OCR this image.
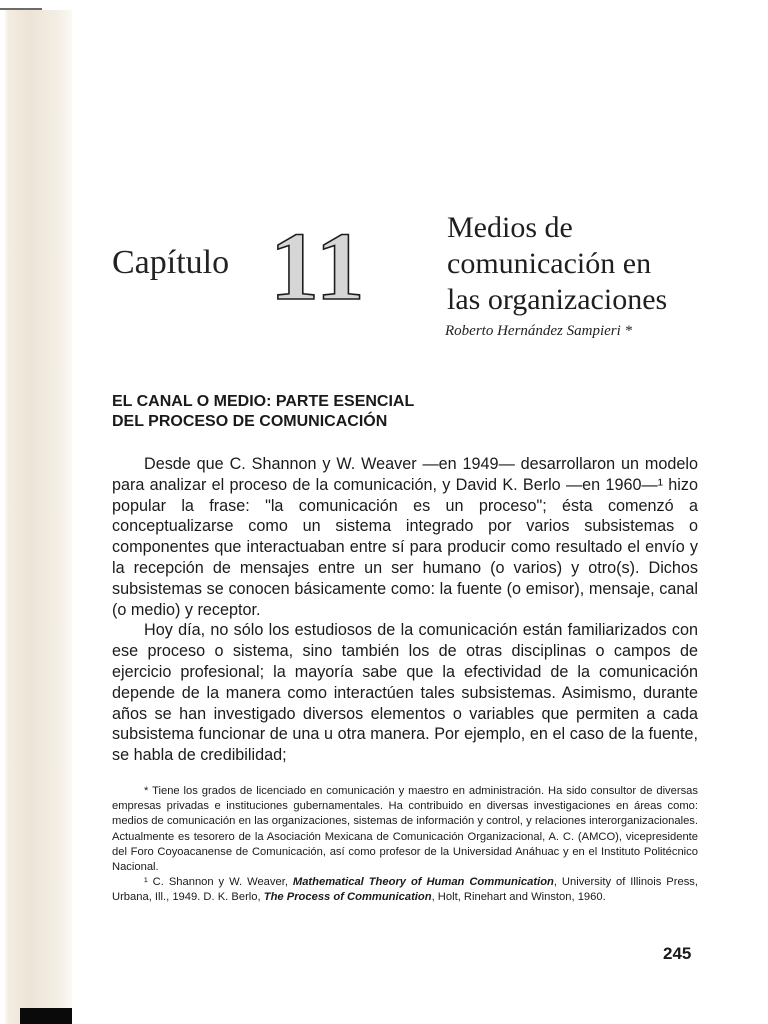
Capítulo 11	Medios de
comunicación en
las organizaciones
Roberto Hernández Sampieri *
EL CANAL O MEDIO: PARTE ESENCIAL
DEL PROCESO DE COMUNICACIÓN

Desde que C. Shannon y W. Weaver —en 1949— desarrollaron un modelo para analizar el proceso de la comunicación, y David K. Berlo —en 1960—¹ hizo popular la frase: "la comunicación es un proceso"; ésta comenzó a conceptualizarse como un sistema integrado por varios subsistemas o componentes que interactuaban entre sí para producir como resultado el envío y la recepción de mensajes entre un ser humano (o varios) y otro(s). Dichos subsistemas se conocen básicamente como: la fuente (o emisor), mensaje, canal (o medio) y receptor.

Hoy día, no sólo los estudiosos de la comunicación están familiarizados con ese proceso o sistema, sino también los de otras disciplinas o campos de ejercicio profesional; la mayoría sabe que la efectividad de la comunicación depende de la manera como interactúen tales subsistemas. Asimismo, durante años se han investigado diversos elementos o variables que permiten a cada subsistema funcionar de una u otra manera. Por ejemplo, en el caso de la fuente, se habla de credibilidad;

* Tiene los grados de licenciado en comunicación y maestro en administración. Ha sido consultor de diversas empresas privadas e instituciones gubernamentales. Ha contribuido en diversas investigaciones en áreas como: medios de comunicación en las organizaciones, sistemas de información y control, y relaciones interorganizacionales. Actualmente es tesorero de la Asociación Mexicana de Comunicación Organizacional, A. C. (AMCO), vicepresidente del Foro Coyoacanense de Comunicación, así como profesor de la Universidad Anáhuac y en el Instituto Politécnico Nacional.

¹ C. Shannon y W. Weaver, Mathematical Theory of Human Communication, University of Illinois Press, Urbana, Ill., 1949. D. K. Berlo, The Process of Communication, Holt, Rinehart and Winston, 1960.

245
